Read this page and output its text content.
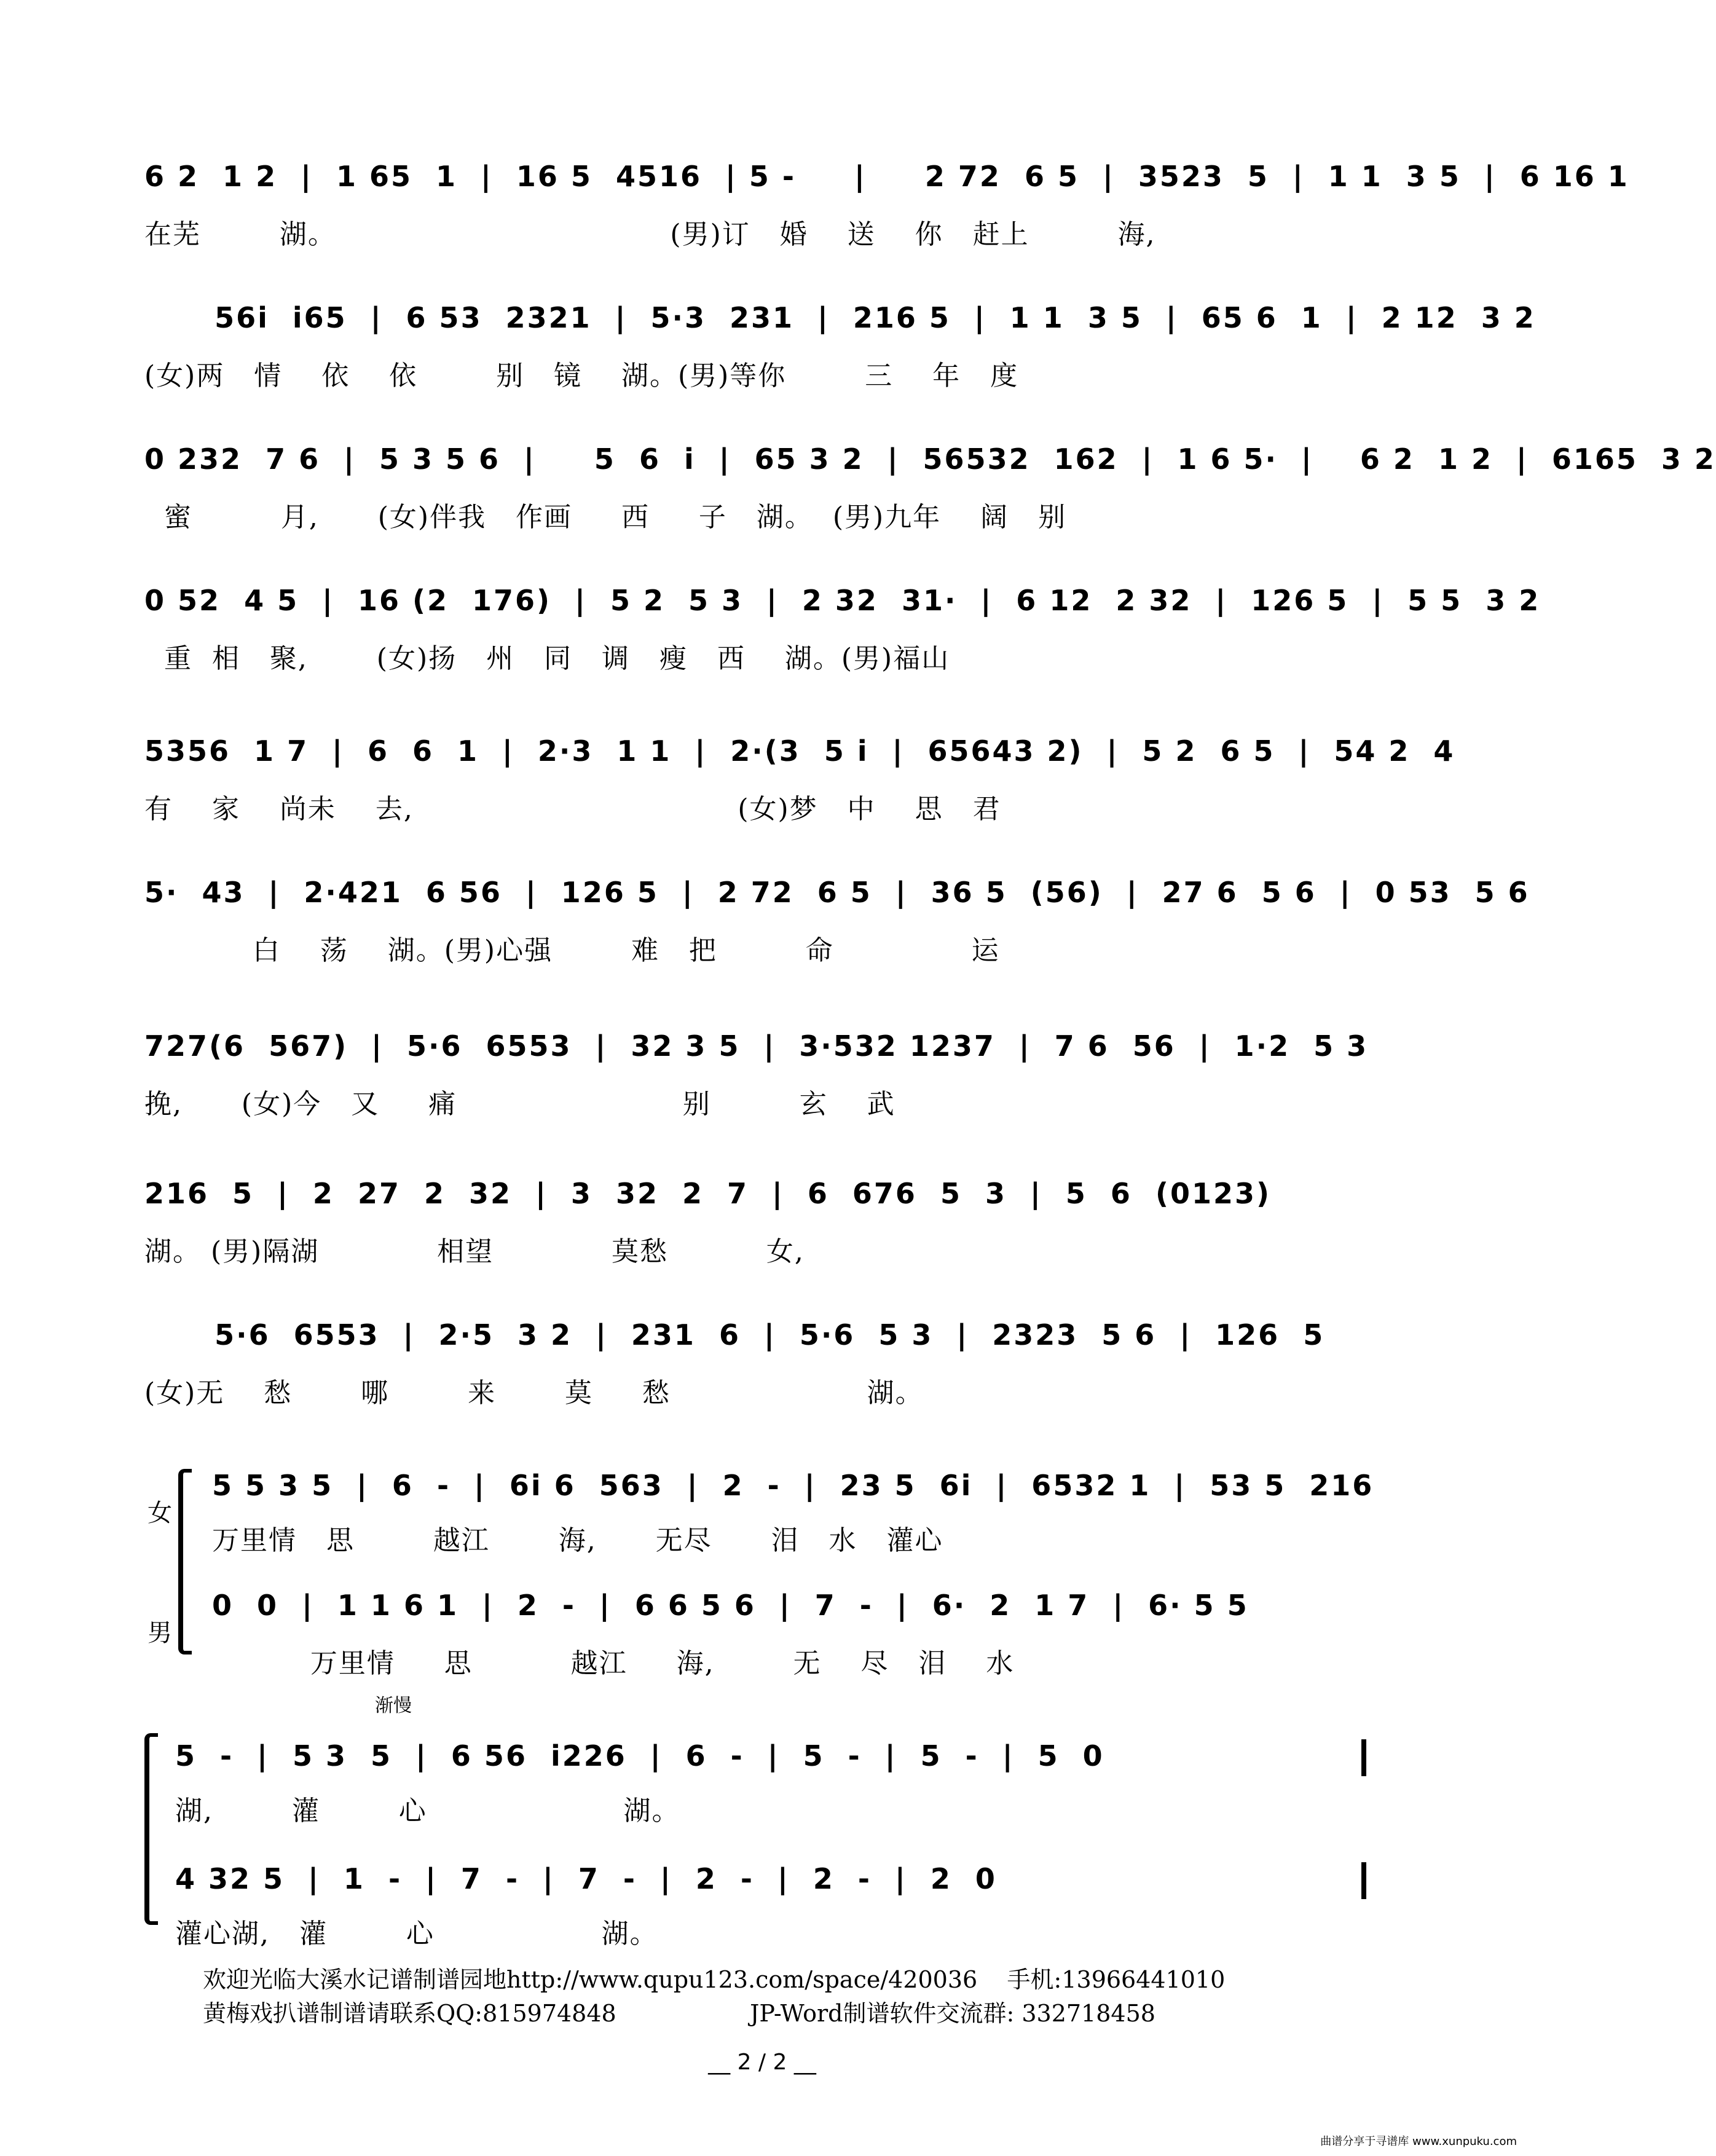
6 2  1 2  |  1 65  1  |  16 5  4516  | 5 -     |     2 72  6 5  |  3523  5  |  1 1  3 5  |  6 16 1
在芜        湖。                                  (男)订   婚    送    你   赶上         海,
56i  i65  |  6 53  2321  |  5·3  231  |  216 5  |  1 1  3 5  |  65 6  1  |  2 12  3 2
(女)两   情    依    依        别   镜    湖。(男)等你        三    年   度
0 232  7 6  |  5 3 5 6  |     5  6  i  |  65 3 2  |  56532  162  |  1 6 5·  |    6 2  1 2  |  6165  3 2
蜜         月,      (女)伴我   作画     西     子   湖。  (男)九年    阔   别
0 52  4 5  |  16 (2  176)  |  5 2  5 3  |  2 32  31·  |  6 12  2 32  |  126 5  |  5 5  3 2
重  相   聚,       (女)扬   州   同   调   瘦   西    湖。(男)福山
5356  1 7  |  6  6  1  |  2·3  1 1  |  2·(3  5 i  |  65643 2)  |  5 2  6 5  |  54 2  4
有    家    尚未    去,                                 (女)梦   中    思   君
5·  43  |  2·421  6 56  |  126 5  |  2 72  6 5  |  36 5  (56)  |  27 6  5 6  |  0 53  5 6
白    荡    湖。(男)心强        难   把         命              运
727(6  567)  |  5·6  6553  |  32 3 5  |  3·532 1237  |  7 6  56  |  1·2  5 3
挽,      (女)今   又     痛                       别         玄    武
216  5  |  2  27  2  32  |  3  32  2  7  |  6  676  5  3  |  5  6  (0123)
湖。 (男)隔湖            相望            莫愁          女,
5·6  6553  |  2·5  3 2  |  231  6  |  5·6  5 3  |  2323  5 6  |  126  5
(女)无    愁       哪        来       莫     愁                    湖。
女
男
5 5 3 5  |  6  -  |  6i 6  563  |  2  -  |  23 5  6i  |  6532 1  |  53 5  216
万里情   思        越江       海,      无尽      泪   水   灌心
0  0  |  1 1 6 1  |  2  -  |  6 6 5 6  |  7  -  |  6·  2  1 7  |  6· 5 5
万里情     思          越江     海,        无    尽   泪    水
渐慢
5  -  |  5 3  5  |  6 56  i226  |  6  -  |  5  -  |  5  -  |  5  0
湖,        灌        心                    湖。
4 32 5  |  1  -  |  7  -  |  7  -  |  2  -  |  2  -  |  2  0
灌心湖,   灌        心                 湖。
欢迎光临大溪水记谱制谱园地http://www.qupu123.com/space/420036    手机:13966441010
黄梅戏扒谱制谱请联系QQ:815974848                  JP-Word制谱软件交流群: 332718458
__ 2 / 2 __
曲谱分享于寻谱库 www.xunpuku.com
